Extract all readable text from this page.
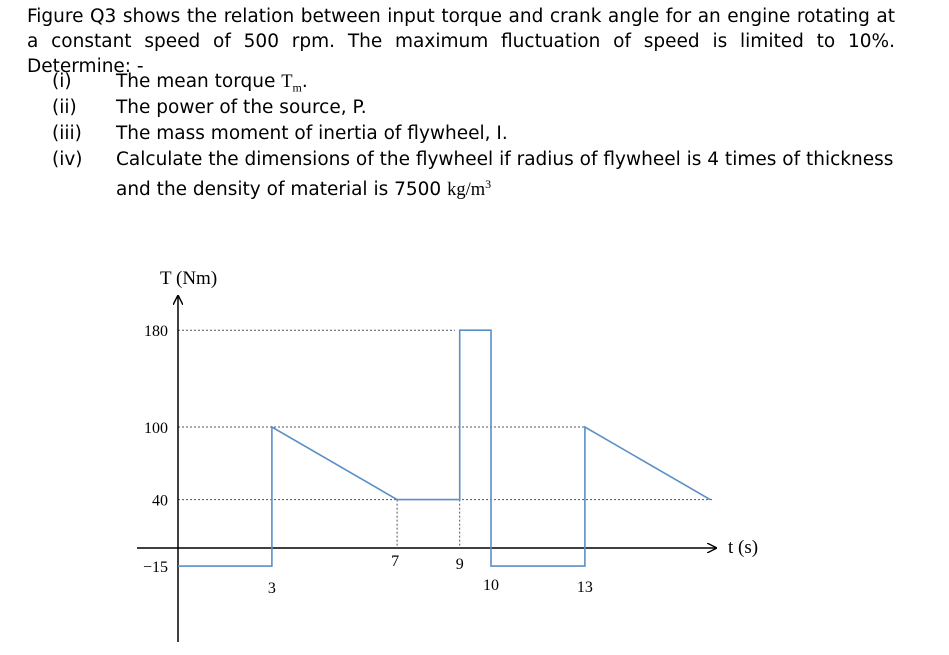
Figure Q3 shows the relation between input torque and crank angle for an engine rotating at a constant speed of 500 rpm. The maximum fluctuation of speed is limited to 10%. Determine: -

(i) The mean torque $T_m$.
(ii) The power of the source, P.
(iii) The mass moment of inertia of flywheel, I.
(iv) Calculate the dimensions of the flywheel if radius of flywheel is 4 times of thickness and the density of material is 7500 $kg/m^3$
180
100
40
−15
3
7	9
10	13
T (Nm)
t (s)
